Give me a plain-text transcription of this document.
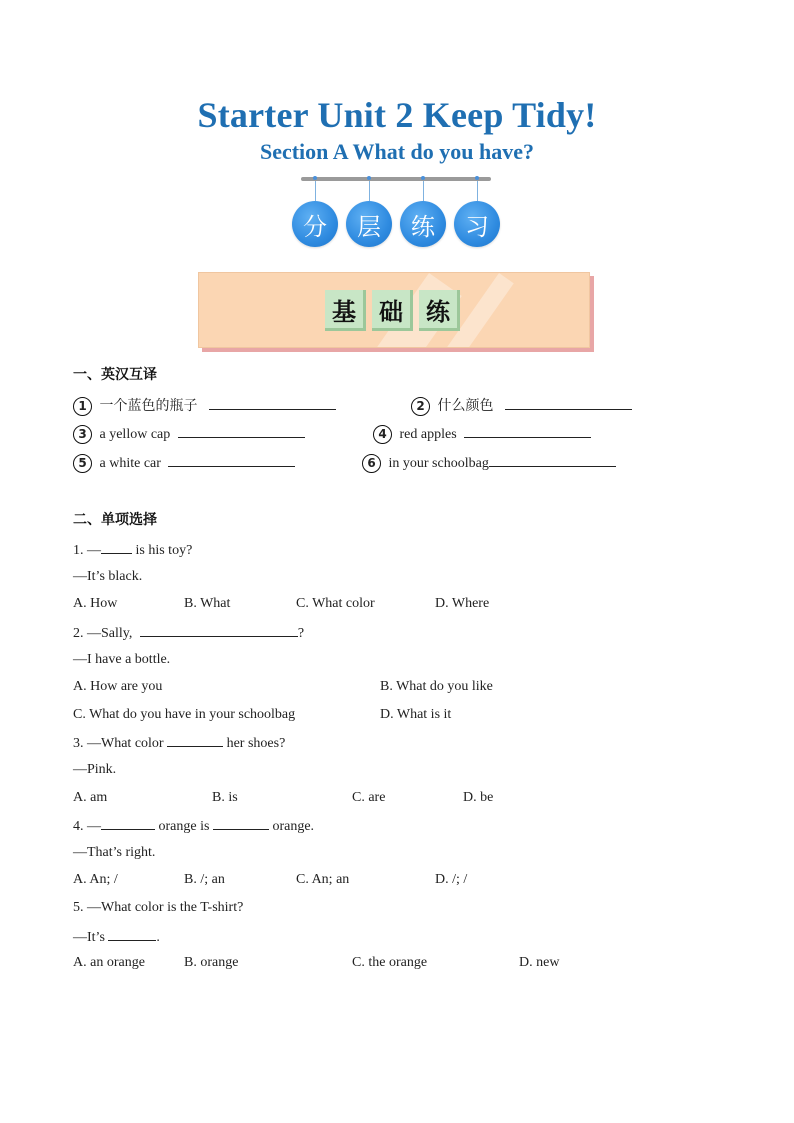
Starter Unit 2 Keep Tidy!
Section A What do you have?
分	层	练	习
基 础 练
一、英汉互译
1 一个蓝色的瓶子	2 什么颜色
3 a yellow cap	4 red apples
5 a white car	6 in your schoolbag
二、单项选择
1. — is his toy?
—It’s black.
A. How	B. What	C. What color	D. Where
2. —Sally,	?
—I have a bottle.
A. How are you	B. What do you like
C. What do you have in your schoolbag	D. What is it
3. —What color	her shoes?
—Pink.
A. am	B. is	C. are	D. be
4. —	orange is	orange.
—That’s right.
A. An; /	B. /; an	C. An; an	D. /; /
5. —What color is the T-shirt?
—It’s	.
A. an orange	B. orange	C. the orange	D. new
